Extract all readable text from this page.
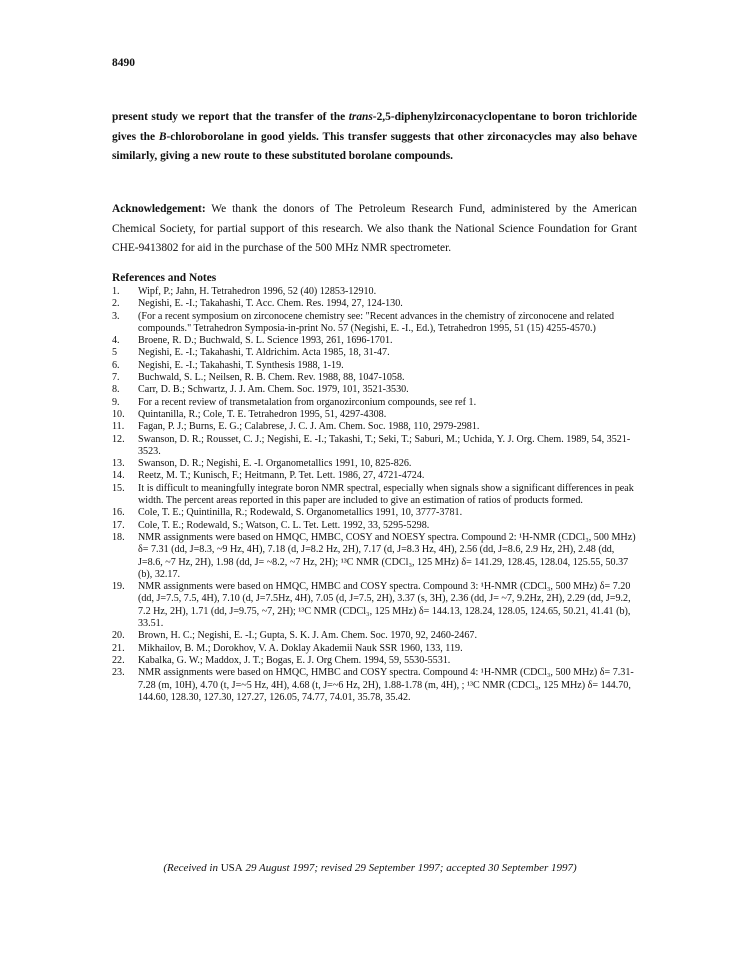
8490
present study we report that the transfer of the trans-2,5-diphenylzirconacyclopentane to boron trichloride gives the B-chloroborolane in good yields. This transfer suggests that other zirconacycles may also behave similarly, giving a new route to these substituted borolane compounds.
Acknowledgement: We thank the donors of The Petroleum Research Fund, administered by the American Chemical Society, for partial support of this research. We also thank the National Science Foundation for Grant CHE-9413802 for aid in the purchase of the 500 MHz NMR spectrometer.
References and Notes
1. Wipf, P.; Jahn, H. Tetrahedron 1996, 52 (40) 12853-12910.
2. Negishi, E. -I.; Takahashi, T. Acc. Chem. Res. 1994, 27, 124-130.
3. (For a recent symposium on zirconocene chemistry see: "Recent advances in the chemistry of zirconocene and related compounds." Tetrahedron Symposia-in-print No. 57 (Negishi, E. -I., Ed.), Tetrahedron 1995, 51 (15) 4255-4570.)
4. Broene, R. D.; Buchwald, S. L. Science 1993, 261, 1696-1701.
5 Negishi, E. -I.; Takahashi, T. Aldrichim. Acta 1985, 18, 31-47.
6. Negishi, E. -I.; Takahashi, T. Synthesis 1988, 1-19.
7. Buchwald, S. L.; Neilsen, R. B. Chem. Rev. 1988, 88, 1047-1058.
8. Carr, D. B.; Schwartz, J. J. Am. Chem. Soc. 1979, 101, 3521-3530.
9. For a recent review of transmetalation from organozirconium compounds, see ref 1.
10. Quintanilla, R.; Cole, T. E. Tetrahedron 1995, 51, 4297-4308.
11. Fagan, P. J.; Burns, E. G.; Calabrese, J. C. J. Am. Chem. Soc. 1988, 110, 2979-2981.
12. Swanson, D. R.; Rousset, C. J.; Negishi, E. -I.; Takashi, T.; Seki, T.; Saburi, M.; Uchida, Y. J. Org. Chem. 1989, 54, 3521-3523.
13. Swanson, D. R.; Negishi, E. -I. Organometallics 1991, 10, 825-826.
14. Reetz, M. T.; Kunisch, F.; Heitmann, P. Tet. Lett. 1986, 27, 4721-4724.
15. It is difficult to meaningfully integrate boron NMR spectral, especially when signals show a significant differences in peak width. The percent areas reported in this paper are included to give an estimation of ratios of products formed.
16. Cole, T. E.; Quintinilla, R.; Rodewald, S. Organometallics 1991, 10, 3777-3781.
17. Cole, T. E.; Rodewald, S.; Watson, C. L. Tet. Lett. 1992, 33, 5295-5298.
18. NMR assignments were based on HMQC, HMBC, COSY and NOESY spectra. Compound 2: ¹H-NMR (CDCl₃, 500 MHz) δ= 7.31 (dd, J=8.3, ~9 Hz, 4H), 7.18 (d, J=8.2 Hz, 2H), 7.17 (d, J=8.3 Hz, 4H), 2.56 (dd, J=8.6, 2.9 Hz, 2H), 2.48 (dd, J=8.6, ~7 Hz, 2H), 1.98 (dd, J= ~8.2, ~7 Hz, 2H); ¹³C NMR (CDCl₃, 125 MHz) δ= 141.29, 128.45, 128.04, 125.55, 50.37 (b), 32.17.
19. NMR assignments were based on HMQC, HMBC and COSY spectra. Compound 3: ¹H-NMR (CDCl₃, 500 MHz) δ= 7.20 (dd, J=7.5, 7.5, 4H), 7.10 (d, J=7.5Hz, 4H), 7.05 (d, J=7.5, 2H), 3.37 (s, 3H), 2.36 (dd, J= ~7, 9.2Hz, 2H), 2.29 (dd, J=9.2, 7.2 Hz, 2H), 1.71 (dd, J=9.75, ~7, 2H); ¹³C NMR (CDCl₃, 125 MHz) δ= 144.13, 128.24, 128.05, 124.65, 50.21, 41.41 (b), 33.51.
20. Brown, H. C.; Negishi, E. -I.; Gupta, S. K. J. Am. Chem. Soc. 1970, 92, 2460-2467.
21. Mikhailov, B. M.; Dorokhov, V. A. Doklay Akademii Nauk SSR 1960, 133, 119.
22. Kabalka, G. W.; Maddox, J. T.; Bogas, E. J. Org Chem. 1994, 59, 5530-5531.
23. NMR assignments were based on HMQC, HMBC and COSY spectra. Compound 4: ¹H-NMR (CDCl₃, 500 MHz) δ= 7.31-7.28 (m, 10H), 4.70 (t, J=~5 Hz, 4H), 4.68 (t, J=~6 Hz, 2H), 1.88-1.78 (m, 4H), ; ¹³C NMR (CDCl₃, 125 MHz) δ= 144.70, 144.60, 128.30, 127.30, 127.27, 126.05, 74.77, 74.01, 35.78, 35.42.
(Received in USA 29 August 1997; revised 29 September 1997; accepted 30 September 1997)
